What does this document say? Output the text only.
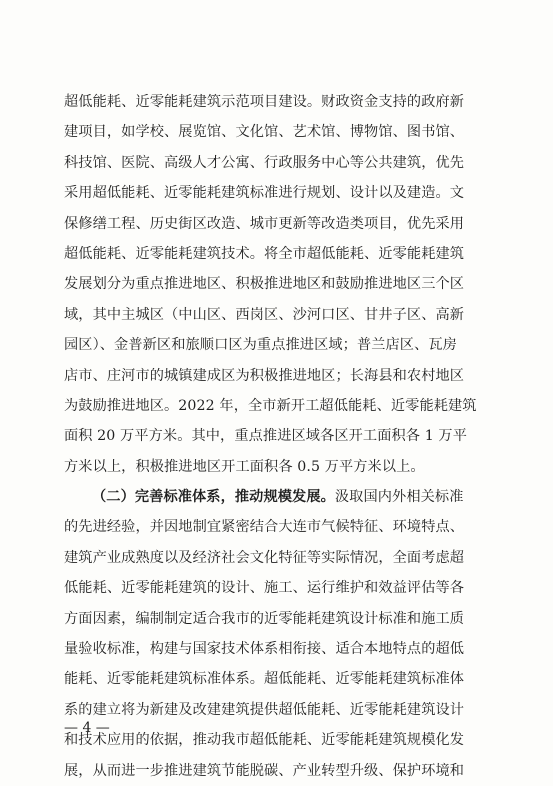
超低能耗、近零能耗建筑示范项目建设。财政资金支持的政府新
建项目，如学校、展览馆、文化馆、艺术馆、博物馆、图书馆、
科技馆、医院、高级人才公寓、行政服务中心等公共建筑，优先
采用超低能耗、近零能耗建筑标准进行规划、设计以及建造。文
保修缮工程、历史街区改造、城市更新等改造类项目，优先采用
超低能耗、近零能耗建筑技术。将全市超低能耗、近零能耗建筑
发展划分为重点推进地区、积极推进地区和鼓励推进地区三个区
域，其中主城区（中山区、西岗区、沙河口区、甘井子区、高新
园区）、金普新区和旅顺口区为重点推进区域；普兰店区、瓦房
店市、庄河市的城镇建成区为积极推进地区；长海县和农村地区
为鼓励推进地区。2022 年，全市新开工超低能耗、近零能耗建筑
面积 20 万平方米。其中，重点推进区域各区开工面积各 1 万平
方米以上，积极推进地区开工面积各 0.5 万平方米以上。
（二）完善标准体系，推动规模发展。汲取国内外相关标准
的先进经验，并因地制宜紧密结合大连市气候特征、环境特点、
建筑产业成熟度以及经济社会文化特征等实际情况，全面考虑超
低能耗、近零能耗建筑的设计、施工、运行维护和效益评估等各
方面因素，编制制定适合我市的近零能耗建筑设计标准和施工质
量验收标准，构建与国家技术体系相衔接、适合本地特点的超低
能耗、近零能耗建筑标准体系。超低能耗、近零能耗建筑标准体
系的建立将为新建及改建建筑提供超低能耗、近零能耗建筑设计
和技术应用的依据，推动我市超低能耗、近零能耗建筑规模化发
展，从而进一步推进建筑节能脱碳、产业转型升级、保护环境和
— 4 —
